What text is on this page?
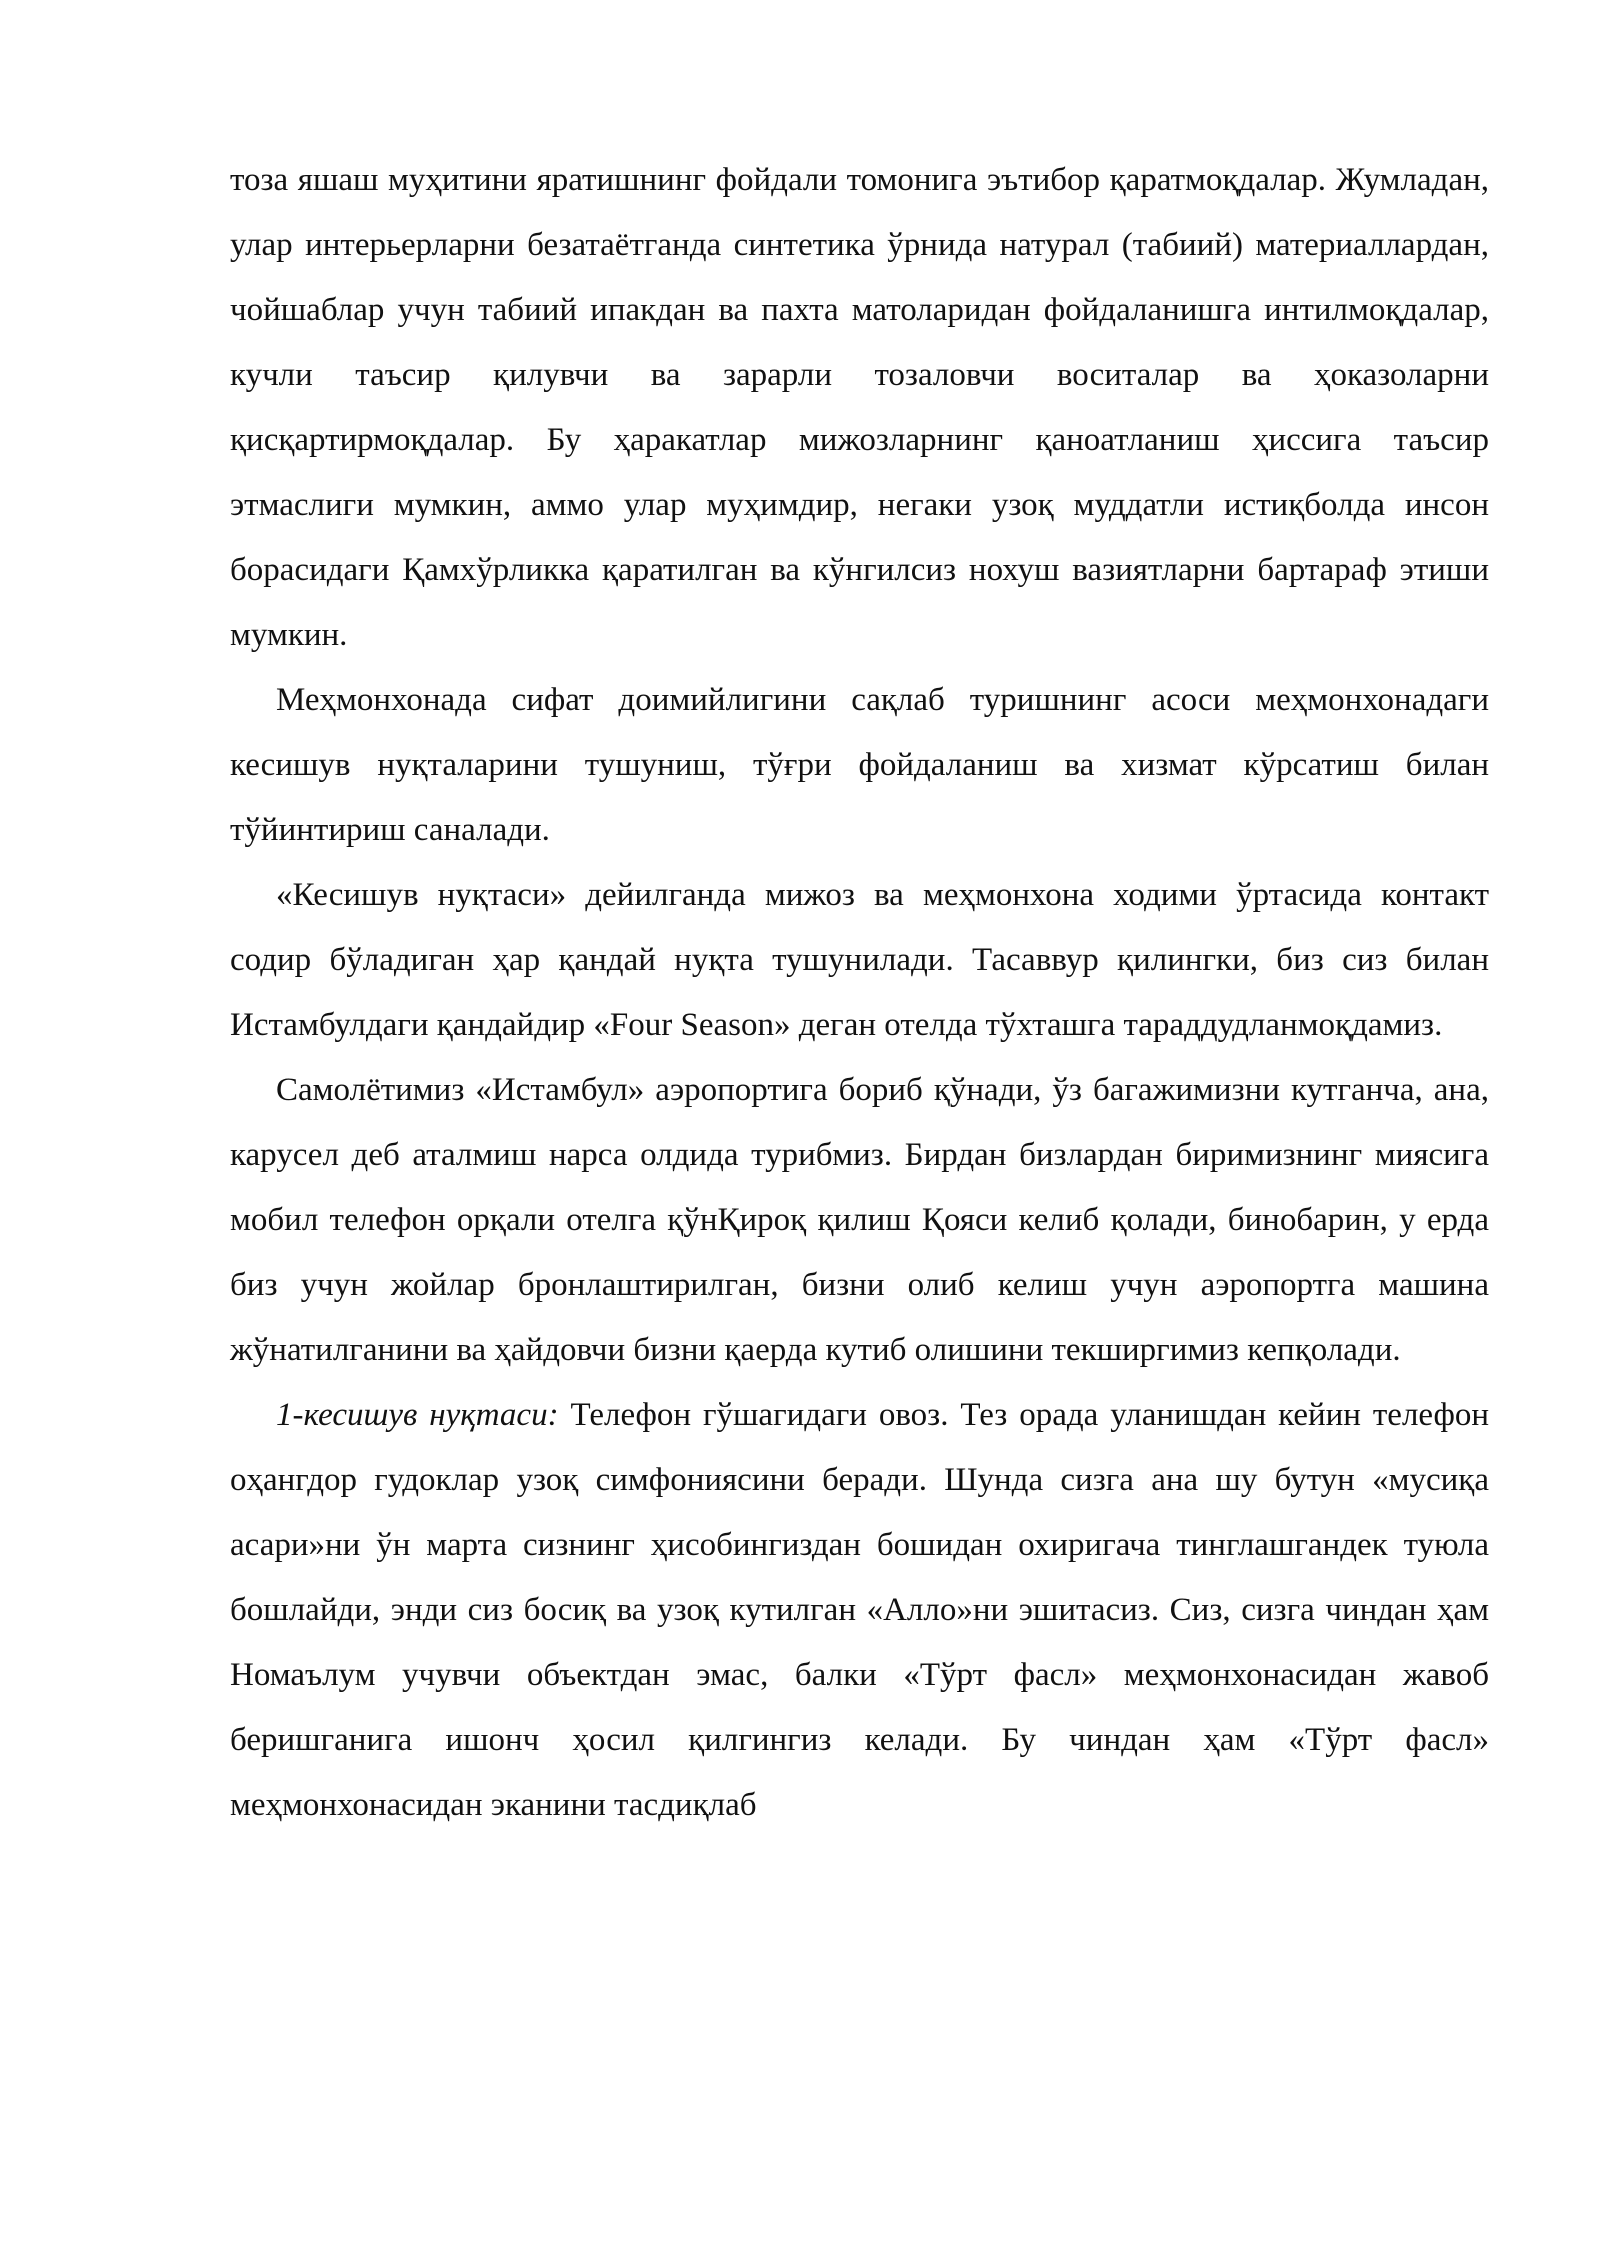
тоза яшаш муҳитини яратишнинг фойдали томонига эътибор қаратмоқдалар. Жумладан, улар интерьерларни безатаётганда синтетика ўрнида натурал (табиий) материаллардан, чойшаблар учун табиий ипакдан ва пахта матоларидан фойдаланишга интилмоқдалар, кучли таъсир қилувчи ва зарарли тозаловчи воситалар ва ҳоказоларни қисқартирмоқдалар. Бу ҳаракатлар мижозларнинг қаноатланиш ҳиссига таъсир этмаслиги мумкин, аммо улар муҳимдир, негаки узоқ муддатли истиқболда инсон борасидаги Қамхўрликка қаратилган ва кўнгилсиз нохуш вазиятларни бартараф этиши мумкин.

Меҳмонхонада сифат доимийлигини сақлаб туришнинг асоси меҳмонхонадаги кесишув нуқталарини тушуниш, тўғри фойдаланиш ва хизмат кўрсатиш билан тўйинтириш саналади.

«Кесишув нуқтаси» дейилганда мижоз ва меҳмонхона ходими ўртасида контакт содир бўладиган ҳар қандай нуқта тушунилади. Тасаввур қилингки, биз сиз билан Истамбулдаги қандайдир «Four Season» деган отелда тўхташга тараддудланмоқдамиз.

Самолётимиз «Истамбул» аэропортига бориб қўнади, ўз багажимизни кутганча, ана, карусел деб аталмиш нарса олдида турибмиз. Бирдан бизлардан биримизнинг миясига мобил телефон орқали отелга қўнҚироқ қилиш Қояси келиб қолади, бинобарин, у ерда биз учун жойлар бронлаштирилган, бизни олиб келиш учун аэропортга машина жўнатилганини ва ҳайдовчи бизни қаерда кутиб олишини текширгимиз кепқолади.

1-кесишув нуқтаси: Телефон гўшагидаги овоз. Тез орада уланишдан кейин телефон оҳангдор гудоклар узоқ симфониясини беради. Шунда сизга ана шу бутун «мусиқа асари»ни ўн марта сизнинг ҳисобингиздан бошидан охиригача тинглашгандек туюла бошлайди, энди сиз босиқ ва узоқ кутилган «Алло»ни эшитасиз. Сиз, сизга чиндан ҳам Номаълум учувчи объектдан эмас, балки «Тўрт фасл» меҳмонхонасидан жавоб беришганига ишонч ҳосил қилгингиз келади. Бу чиндан ҳам «Тўрт фасл» меҳмонхонасидан эканини тасдиқлаб
